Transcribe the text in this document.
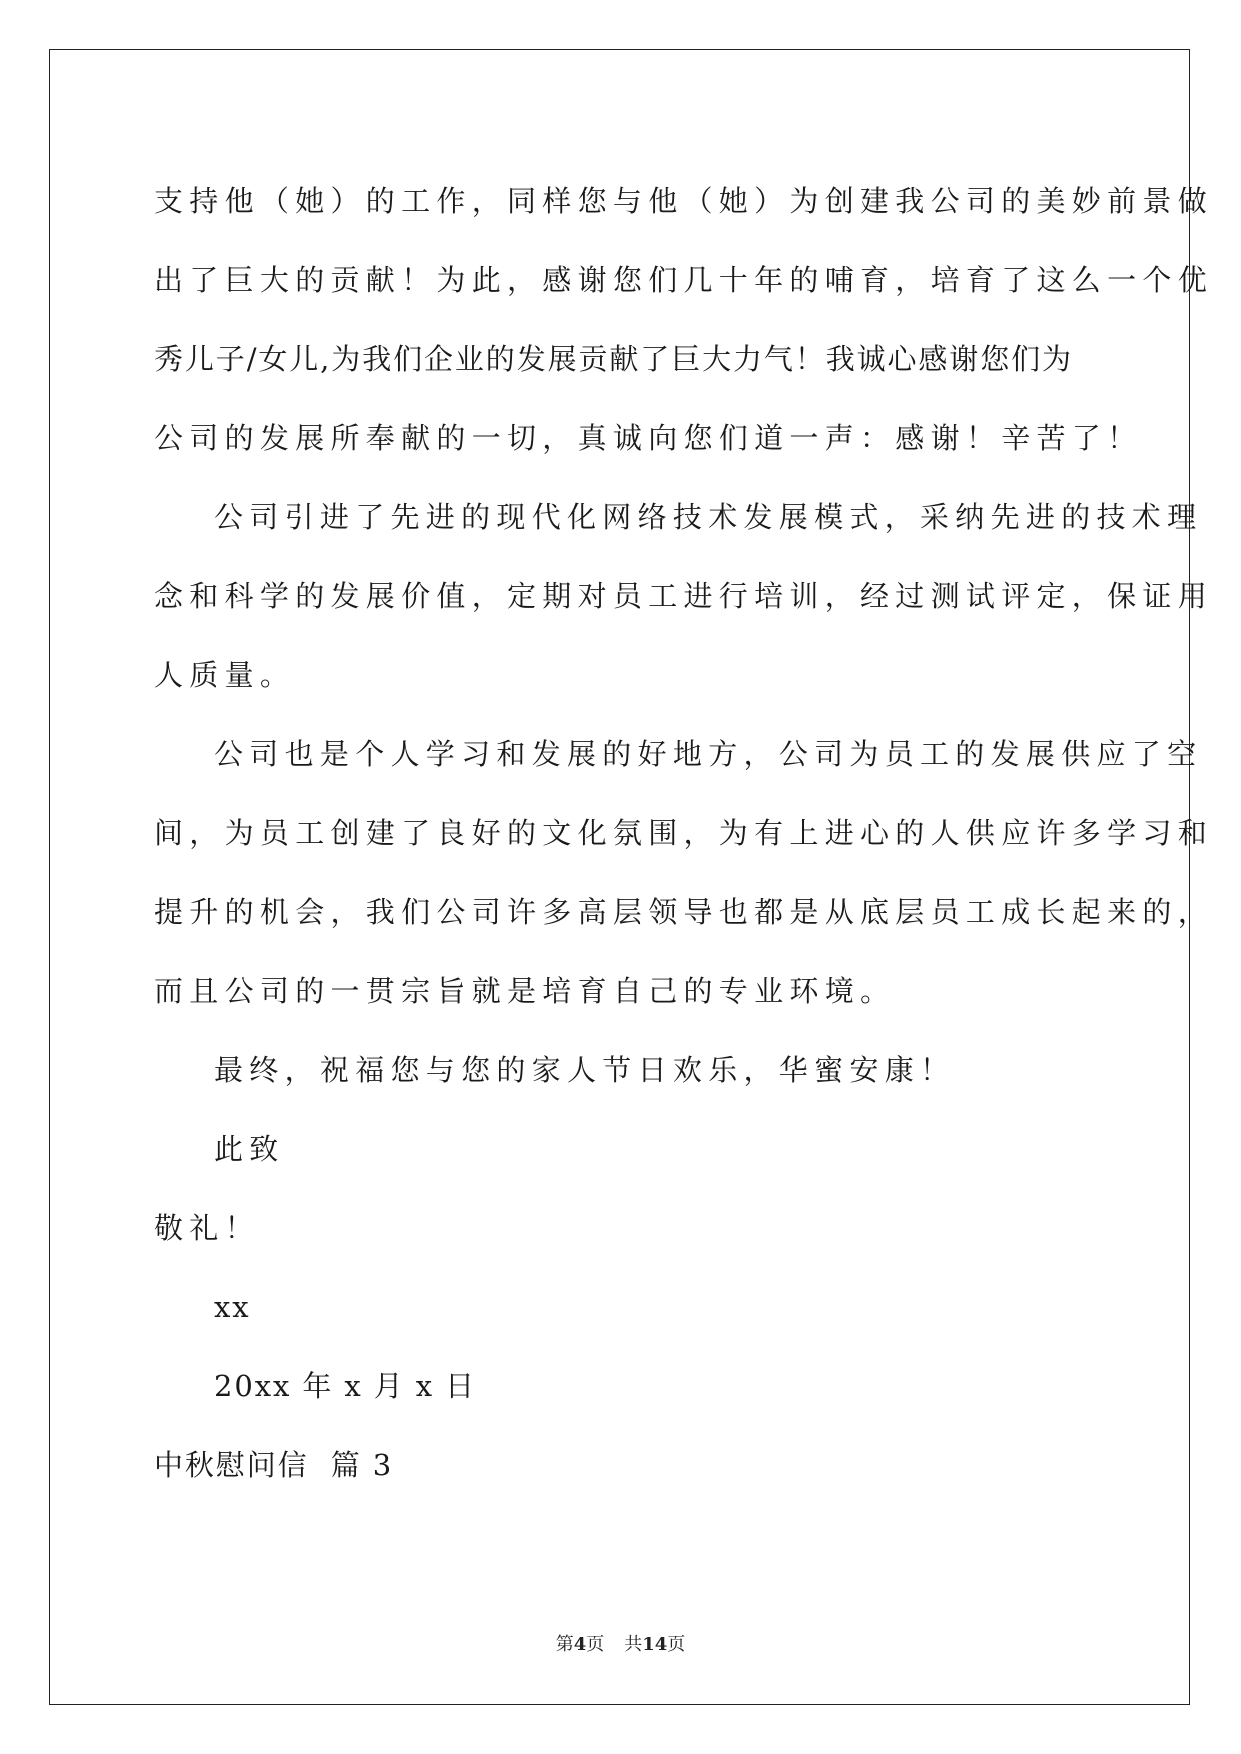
支持他（她）的工作，同样您与他（她）为创建我公司的美妙前景做
出了巨大的贡献！为此，感谢您们几十年的哺育，培育了这么一个优
秀儿子/女儿,为我们企业的发展贡献了巨大力气！我诚心感谢您们为
公司的发展所奉献的一切，真诚向您们道一声：感谢！辛苦了！
公司引进了先进的现代化网络技术发展模式，采纳先进的技术理
念和科学的发展价值，定期对员工进行培训，经过测试评定，保证用
人质量。
公司也是个人学习和发展的好地方，公司为员工的发展供应了空
间，为员工创建了良好的文化氛围，为有上进心的人供应许多学习和
提升的机会，我们公司许多高层领导也都是从底层员工成长起来的，
而且公司的一贯宗旨就是培育自己的专业环境。
最终，祝福您与您的家人节日欢乐，华蜜安康！
此致
敬礼！
xx
20xx 年 x 月 x 日
中秋慰问信  篇 3
第4页 共14页
